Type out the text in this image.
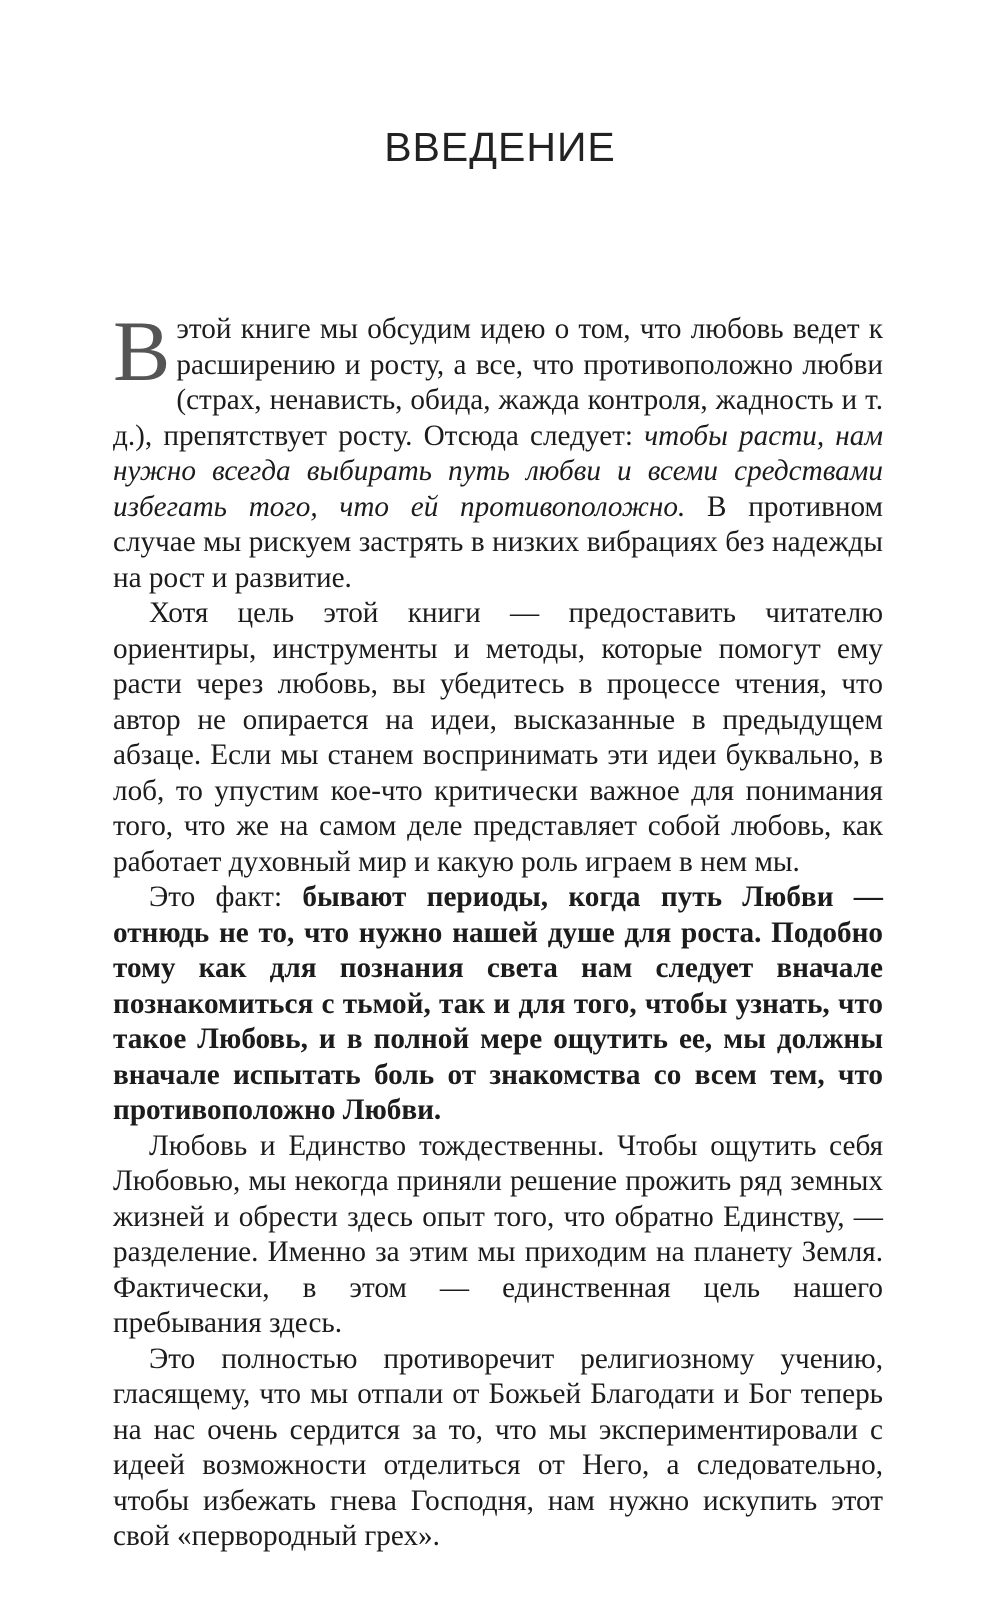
ВВЕДЕНИЕ

Вэтой книге мы обсудим идею о том, что любовь ведет к расширению и росту, а все, что противоположно любви (страх, ненависть, обида, жажда контроля, жадность и т. д.), препятствует росту. Отсюда следует: чтобы расти, нам нужно всегда выбирать путь любви и всеми средствами избегать того, что ей противоположно. В противном случае мы рискуем застрять в низких вибрациях без надежды на рост и развитие.

Хотя цель этой книги — предоставить читателю ориентиры, инструменты и методы, которые помогут ему расти через любовь, вы убедитесь в процессе чтения, что автор не опирается на идеи, высказанные в предыдущем абзаце. Если мы станем воспринимать эти идеи буквально, в лоб, то упустим кое-что критически важное для понимания того, что же на самом деле представляет собой любовь, как работает духовный мир и какую роль играем в нем мы.

Это факт: бывают периоды, когда путь Любви — отнюдь не то, что нужно нашей душе для роста. Подобно тому как для познания света нам следует вначале познакомиться с тьмой, так и для того, чтобы узнать, что такое Любовь, и в полной мере ощутить ее, мы должны вначале испытать боль от знакомства со всем тем, что противоположно Любви.

Любовь и Единство тождественны. Чтобы ощутить себя Любовью, мы некогда приняли решение прожить ряд земных жизней и обрести здесь опыт того, что обратно Единству, — разделение. Именно за этим мы приходим на планету Земля. Фактически, в этом — единственная цель нашего пребывания здесь.

Это полностью противоречит религиозному учению, гласящему, что мы отпали от Божьей Благодати и Бог теперь на нас очень сердится за то, что мы экспериментировали с идеей возможности отделиться от Него, а следовательно, чтобы избежать гнева Господня, нам нужно искупить этот свой «первородный грех».
